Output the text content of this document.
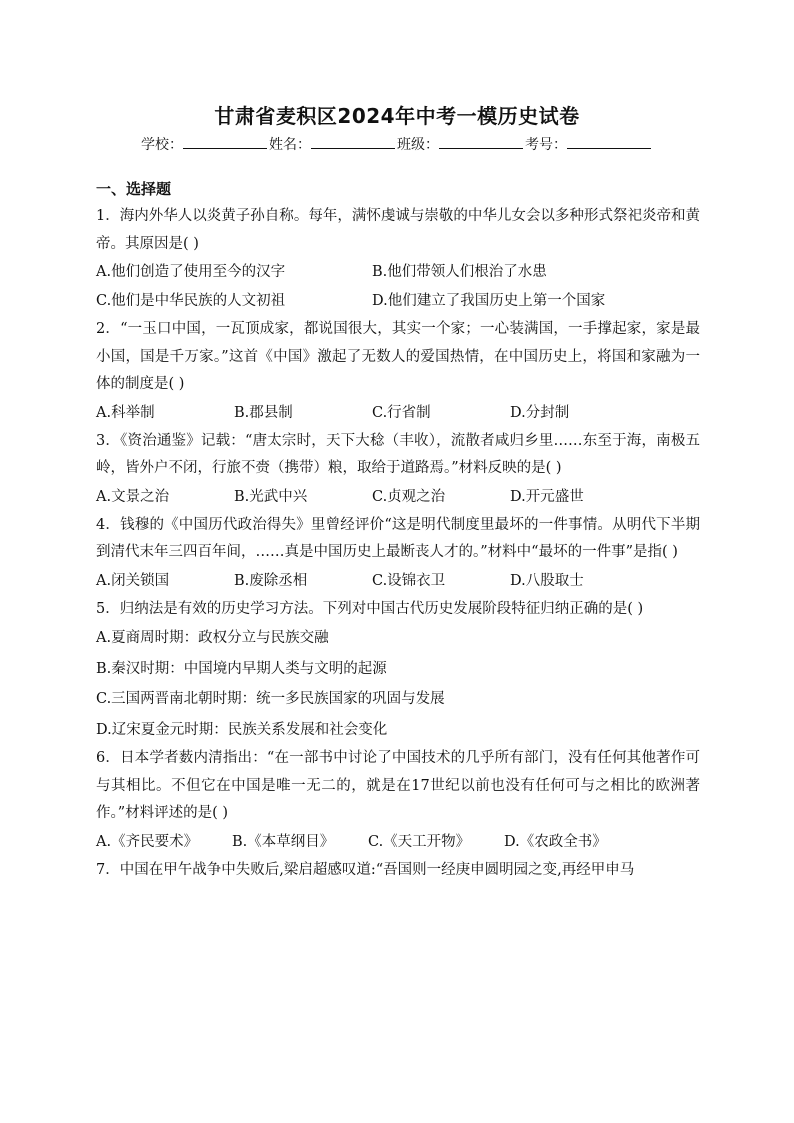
甘肃省麦积区2024年中考一模历史试卷
学校：	姓名：	班级：	考号：
一、选择题

1．海内外华人以炎黄子孙自称。每年，满怀虔诚与崇敬的中华儿女会以多种形式祭祀炎帝和黄帝。其原因是( )

A.他们创造了使用至今的汉字	B.他们带领人们根治了水患
C.他们是中华民族的人文初祖	D.他们建立了我国历史上第一个国家

2．“一玉口中国，一瓦顶成家，都说国很大，其实一个家；一心装满国，一手撑起家，家是最小国，国是千万家。”这首《中国》激起了无数人的爱国热情，在中国历史上，将国和家融为一体的制度是( )

A.科举制	B.郡县制	C.行省制	D.分封制

3．《资治通鉴》记载：“唐太宗时，天下大稔（丰收），流散者咸归乡里……东至于海，南极五岭，皆外户不闭，行旅不赍（携带）粮，取给于道路焉。”材料反映的是( )

A.文景之治	B.光武中兴	C.贞观之治	D.开元盛世

4．钱穆的《中国历代政治得失》里曾经评价“这是明代制度里最坏的一件事情。从明代下半期到清代末年三四百年间，……真是中国历史上最断丧人才的。”材料中“最坏的一件事”是指( )

A.闭关锁国	B.废除丞相	C.设锦衣卫	D.八股取士

5．归纳法是有效的历史学习方法。下列对中国古代历史发展阶段特征归纳正确的是( )

A.夏商周时期：政权分立与民族交融
B.秦汉时期：中国境内早期人类与文明的起源
C.三国两晋南北朝时期：统一多民族国家的巩固与发展
D.辽宋夏金元时期：民族关系发展和社会变化

6．日本学者薮内清指出：“在一部书中讨论了中国技术的几乎所有部门，没有任何其他著作可与其相比。不但它在中国是唯一无二的，就是在17世纪以前也没有任何可与之相比的欧洲著作。”材料评述的是( )

A.《齐民要术》	B.《本草纲目》	C.《天工开物》	D.《农政全书》

7．中国在甲午战争中失败后,梁启超感叹道:“吾国则一经庚申圆明园之变,再经甲申马
